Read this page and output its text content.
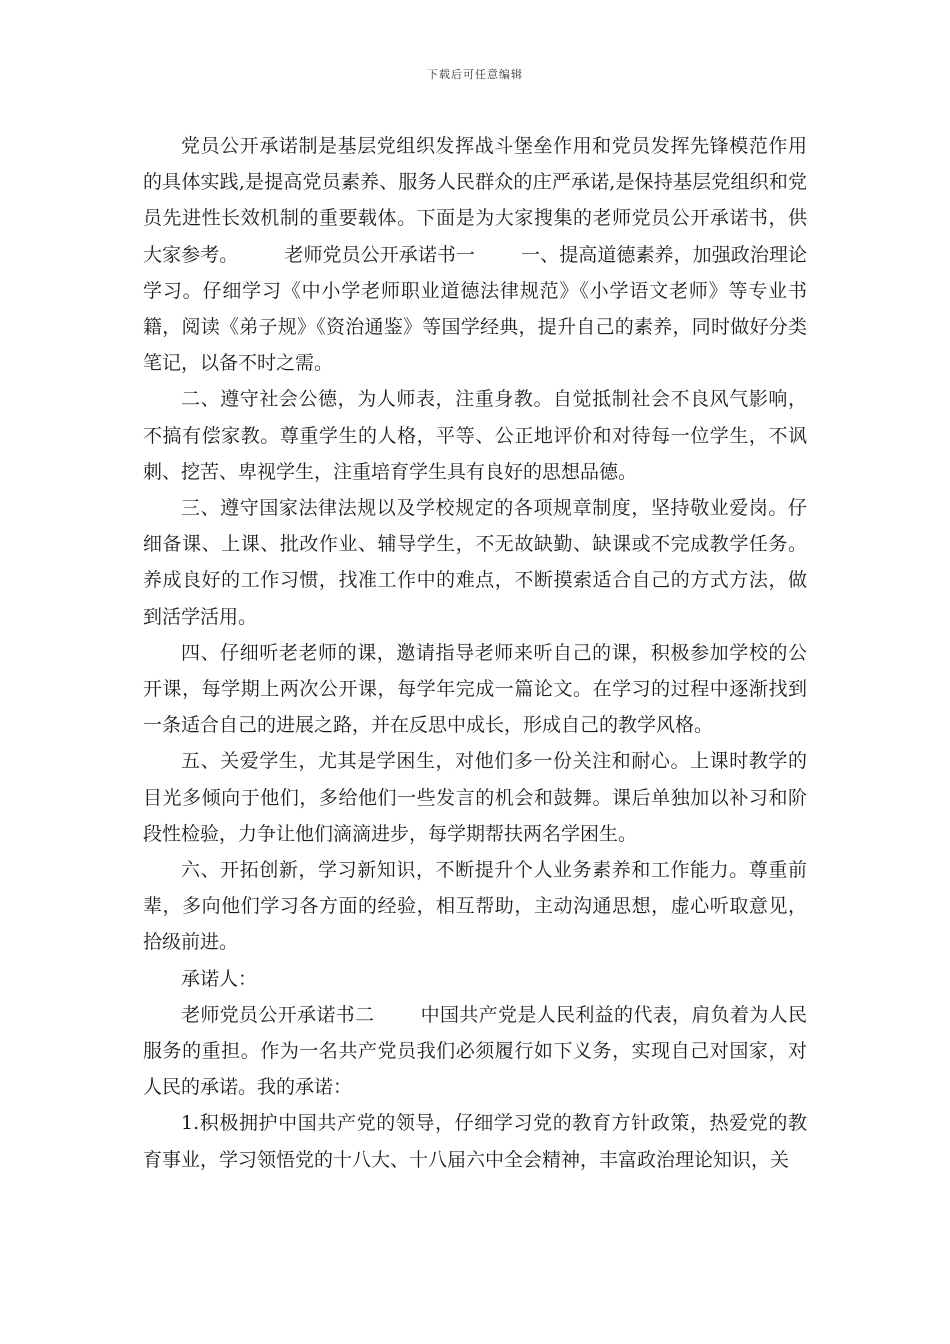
下载后可任意编辑

党员公开承诺制是基层党组织发挥战斗堡垒作用和党员发挥先锋模范作用的具体实践,是提高党员素养、服务人民群众的庄严承诺,是保持基层党组织和党员先进性长效机制的重要载体。下面是为大家搜集的老师党员公开承诺书，供大家参考。 老师党员公开承诺书一 一、提高道德素养，加强政治理论学习。仔细学习《中小学老师职业道德法律规范》《小学语文老师》等专业书籍，阅读《弟子规》《资治通鉴》等国学经典，提升自己的素养，同时做好分类笔记，以备不时之需。

二、遵守社会公德，为人师表，注重身教。自觉抵制社会不良风气影响，不搞有偿家教。尊重学生的人格，平等、公正地评价和对待每一位学生，不讽刺、挖苦、卑视学生，注重培育学生具有良好的思想品德。

三、遵守国家法律法规以及学校规定的各项规章制度，坚持敬业爱岗。仔细备课、上课、批改作业、辅导学生，不无故缺勤、缺课或不完成教学任务。养成良好的工作习惯，找准工作中的难点，不断摸索适合自己的方式方法，做到活学活用。

四、仔细听老老师的课，邀请指导老师来听自己的课，积极参加学校的公开课，每学期上两次公开课，每学年完成一篇论文。在学习的过程中逐渐找到一条适合自己的进展之路，并在反思中成长，形成自己的教学风格。

五、关爱学生，尤其是学困生，对他们多一份关注和耐心。上课时教学的目光多倾向于他们，多给他们一些发言的机会和鼓舞。课后单独加以补习和阶段性检验，力争让他们滴滴进步，每学期帮扶两名学困生。

六、开拓创新，学习新知识，不断提升个人业务素养和工作能力。尊重前辈，多向他们学习各方面的经验，相互帮助，主动沟通思想，虚心听取意见，拾级前进。

承诺人：

老师党员公开承诺书二 中国共产党是人民利益的代表，肩负着为人民服务的重担。作为一名共产党员我们必须履行如下义务，实现自己对国家，对人民的承诺。我的承诺：

1.积极拥护中国共产党的领导，仔细学习党的教育方针政策，热爱党的教育事业，学习领悟党的十八大、十八届六中全会精神，丰富政治理论知识，关
